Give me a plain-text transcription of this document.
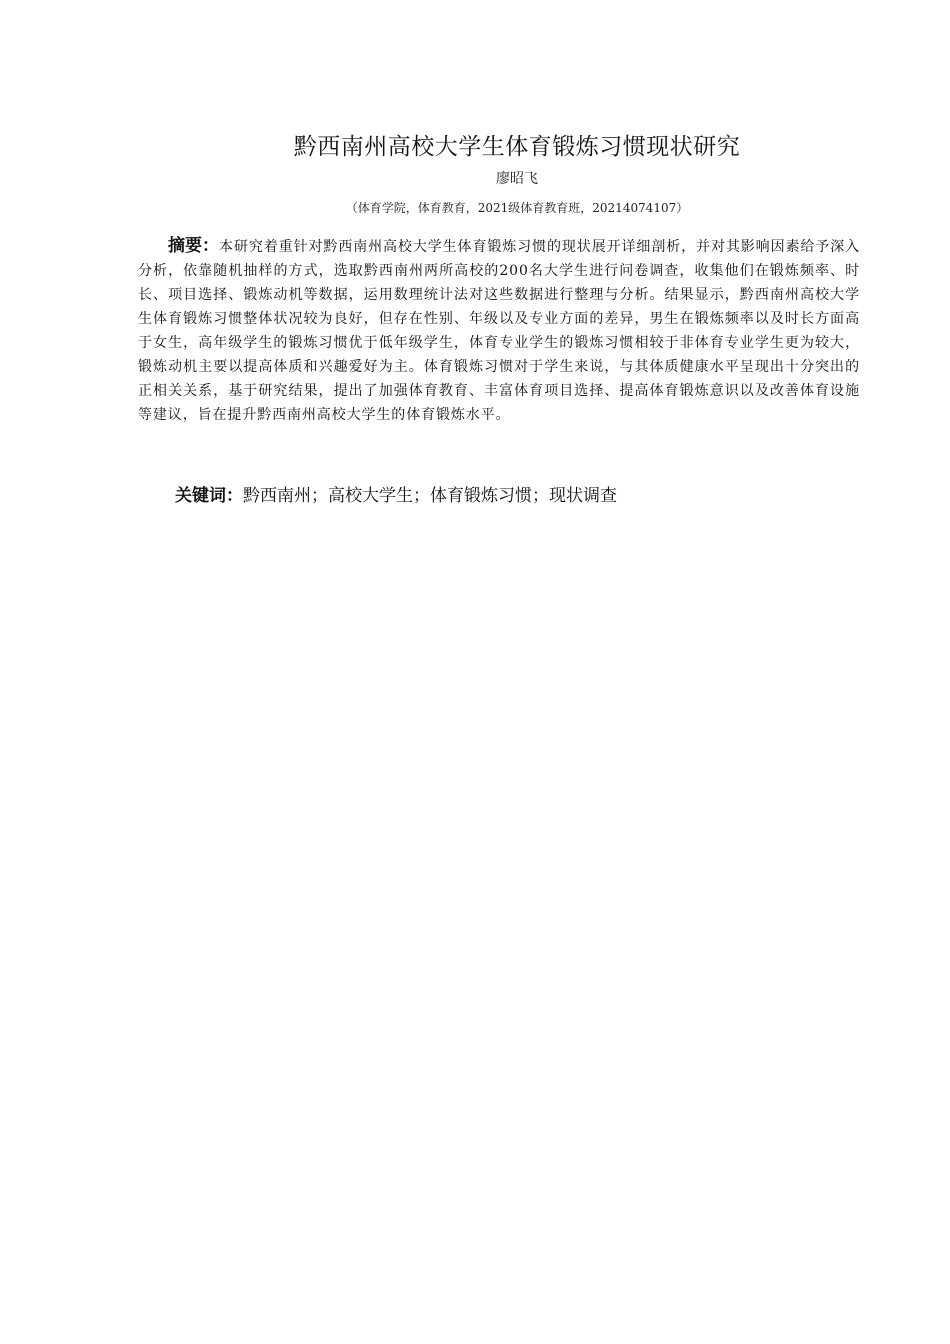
黔西南州高校大学生体育锻炼习惯现状研究
廖昭飞
（体育学院，体育教育，2021级体育教育班，20214074107）
摘要：本研究着重针对黔西南州高校大学生体育锻炼习惯的现状展开详细剖析，并对其影响因素给予深入分析，依靠随机抽样的方式，选取黔西南州两所高校的200名大学生进行问卷调查，收集他们在锻炼频率、时长、项目选择、锻炼动机等数据，运用数理统计法对这些数据进行整理与分析。结果显示，黔西南州高校大学生体育锻炼习惯整体状况较为良好，但存在性别、年级以及专业方面的差异，男生在锻炼频率以及时长方面高于女生，高年级学生的锻炼习惯优于低年级学生，体育专业学生的锻炼习惯相较于非体育专业学生更为较大，锻炼动机主要以提高体质和兴趣爱好为主。体育锻炼习惯对于学生来说，与其体质健康水平呈现出十分突出的正相关关系，基于研究结果，提出了加强体育教育、丰富体育项目选择、提高体育锻炼意识以及改善体育设施等建议，旨在提升黔西南州高校大学生的体育锻炼水平。
关键词：黔西南州；高校大学生；体育锻炼习惯；现状调查
